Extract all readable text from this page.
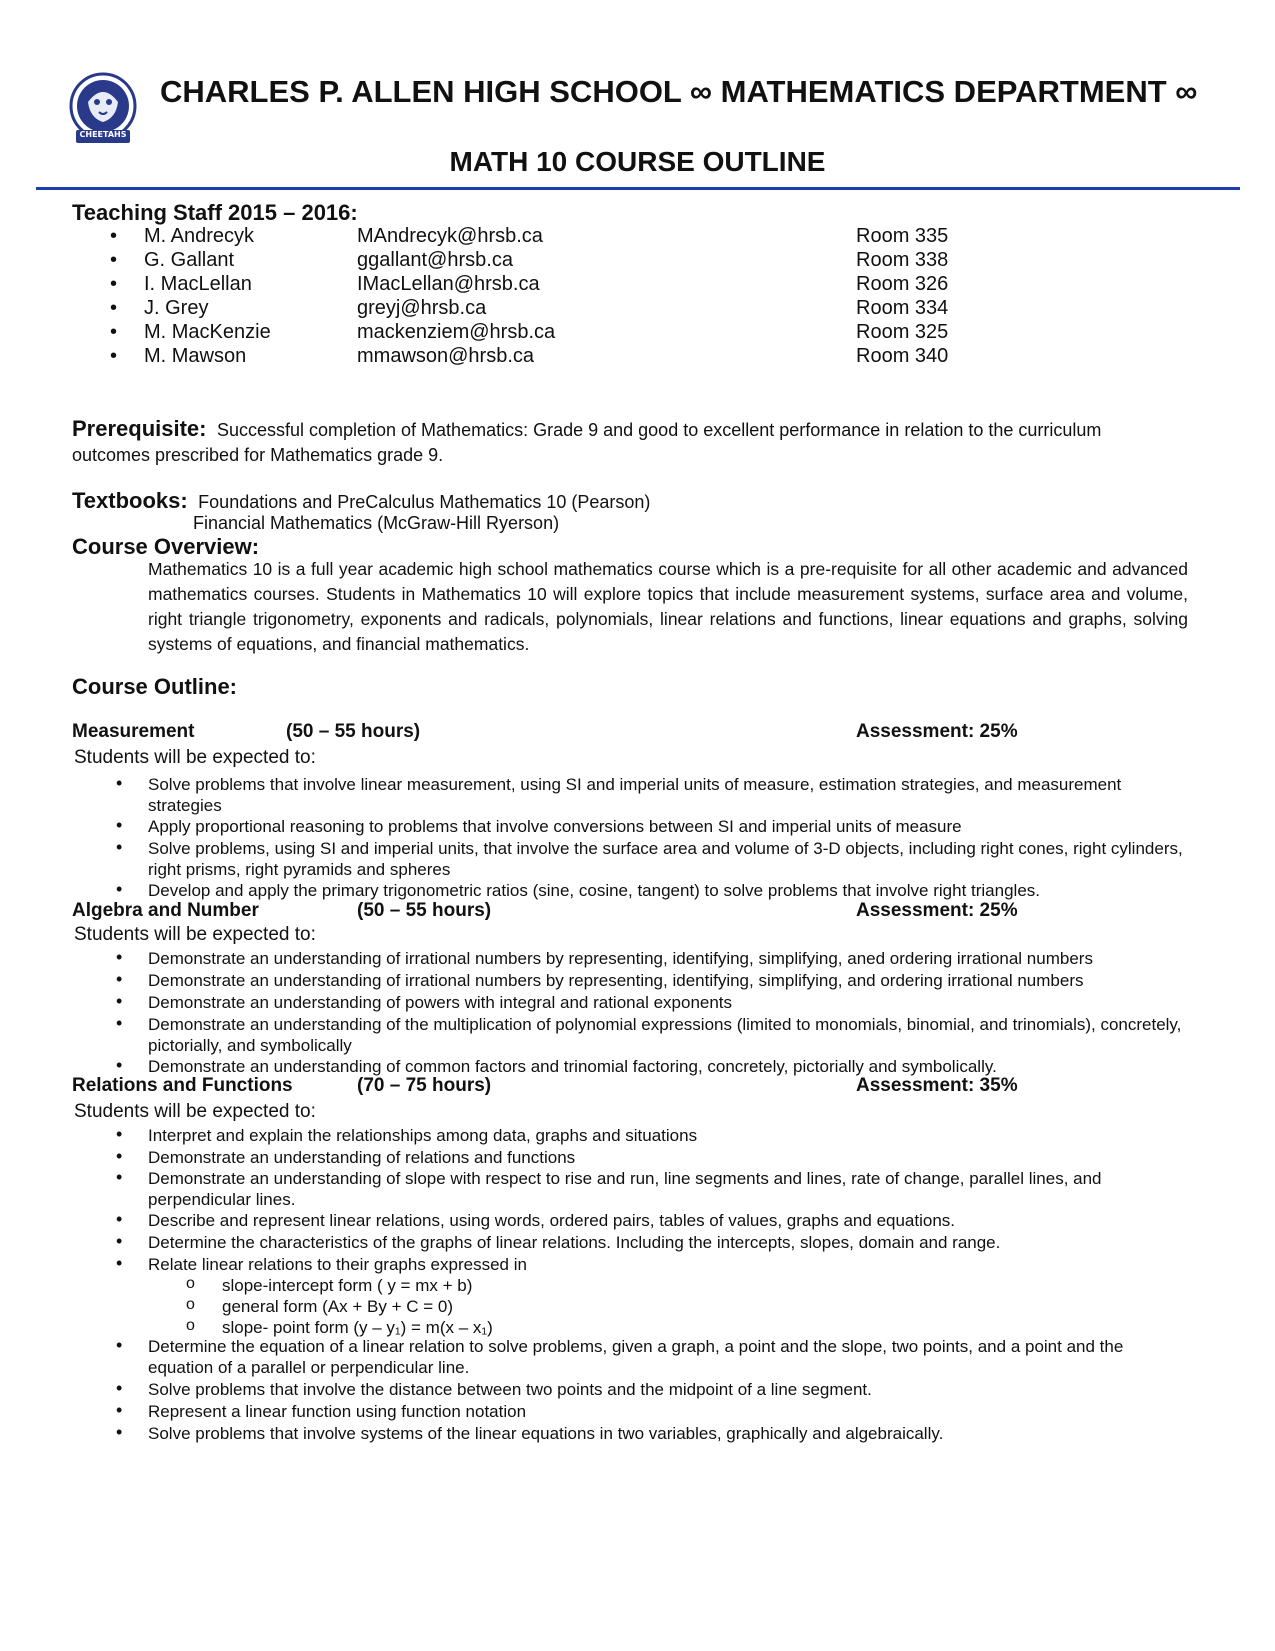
CHEETAHS
CHARLES P. ALLEN HIGH SCHOOL ∞ MATHEMATICS DEPARTMENT ∞
MATH 10 COURSE OUTLINE
Teaching Staff 2015 – 2016:
• M. Andrecyk	MAndrecyk@hrsb.ca	Room 335
• G. Gallant	ggallant@hrsb.ca	Room 338
• I. MacLellan	IMacLellan@hrsb.ca	Room 326
• J. Grey	greyj@hrsb.ca	Room 334
• M. MacKenzie	mackenziem@hrsb.ca	Room 325
• M. Mawson	mmawson@hrsb.ca	Room 340
Prerequisite: Successful completion of Mathematics: Grade 9 and good to excellent performance in relation to the curriculum
outcomes prescribed for Mathematics grade 9.
Textbooks: Foundations and PreCalculus Mathematics 10 (Pearson)
Financial Mathematics (McGraw-Hill Ryerson)
Course Overview:
Mathematics 10 is a full year academic high school mathematics course which is a pre-requisite for all other academic and advanced mathematics courses. Students in Mathematics 10 will explore topics that include measurement systems, surface area and volume, right triangle trigonometry, exponents and radicals, polynomials, linear relations and functions, linear equations and graphs, solving systems of equations, and financial mathematics.
Course Outline:
Measurement	(50 – 55 hours)	Assessment: 25%
Students will be expected to:
• Solve problems that involve linear measurement, using SI and imperial units of measure, estimation strategies, and measurement strategies
• Apply proportional reasoning to problems that involve conversions between SI and imperial units of measure
• Solve problems, using SI and imperial units, that involve the surface area and volume of 3-D objects, including right cones, right cylinders, right prisms, right pyramids and spheres
• Develop and apply the primary trigonometric ratios (sine, cosine, tangent) to solve problems that involve right triangles.
Algebra and Number	(50 – 55 hours)	Assessment: 25%
Students will be expected to:
• Demonstrate an understanding of irrational numbers by representing, identifying, simplifying, aned ordering irrational numbers
• Demonstrate an understanding of irrational numbers by representing, identifying, simplifying, and ordering irrational numbers
• Demonstrate an understanding of powers with integral and rational exponents
• Demonstrate an understanding of the multiplication of polynomial expressions (limited to monomials, binomial, and trinomials), concretely, pictorially, and symbolically
• Demonstrate an understanding of common factors and trinomial factoring, concretely, pictorially and symbolically.
Relations and Functions	(70 – 75 hours)	Assessment: 35%
Students will be expected to:
• Interpret and explain the relationships among data, graphs and situations
• Demonstrate an understanding of relations and functions
• Demonstrate an understanding of slope with respect to rise and run, line segments and lines, rate of change, parallel lines, and perpendicular lines.
• Describe and represent linear relations, using words, ordered pairs, tables of values, graphs and equations.
• Determine the characteristics of the graphs of linear relations. Including the intercepts, slopes, domain and range.
• Relate linear relations to their graphs expressed in
• Determine the equation of a linear relation to solve problems, given a graph, a point and the slope, two points, and a point and the equation of a parallel or perpendicular line.
• Solve problems that involve the distance between two points and the midpoint of a line segment.
• Represent a linear function using function notation
• Solve problems that involve systems of the linear equations in two variables, graphically and algebraically.
o slope-intercept form ( y = mx + b)
o general form (Ax + By + C = 0)
o slope- point form (y – y₁) = m(x – x₁)
